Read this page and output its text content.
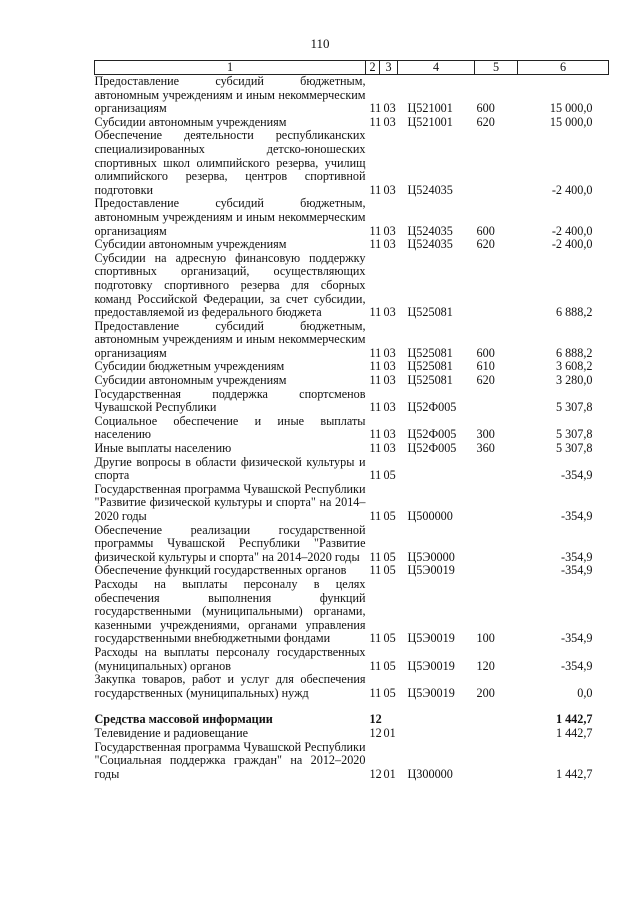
110
1	2	3	4	5	6
Предоставление субсидий бюджетным, автономным учреждениям и иным некоммерческим организациям	11	03	Ц521001	600	15 000,0
Субсидии автономным учреждениям	11	03	Ц521001	620	15 000,0
Обеспечение деятельности республиканских специализированных детско-юношеских спортивных школ олимпийского резерва, училищ олимпийского резерва, центров спортивной подготовки	11	03	Ц524035		-2 400,0
Предоставление субсидий бюджетным, автономным учреждениям и иным некоммерческим организациям	11	03	Ц524035	600	-2 400,0
Субсидии автономным учреждениям	11	03	Ц524035	620	-2 400,0
Субсидии на адресную финансовую поддержку спортивных организаций, осуществляющих подготовку спортивного резерва для сборных команд Российской Федерации, за счет субсидии, предоставляемой из федерального бюджета	11	03	Ц525081		6 888,2
Предоставление субсидий бюджетным, автономным учреждениям и иным некоммерческим организациям	11	03	Ц525081	600	6 888,2
Субсидии бюджетным учреждениям	11	03	Ц525081	610	3 608,2
Субсидии автономным учреждениям	11	03	Ц525081	620	3 280,0
Государственная поддержка спортсменов Чувашской Республики	11	03	Ц52Ф005		5 307,8
Социальное обеспечение и иные выплаты населению	11	03	Ц52Ф005	300	5 307,8
Иные выплаты населению	11	03	Ц52Ф005	360	5 307,8
Другие вопросы в области физической культуры и спорта	11	05			-354,9
Государственная программа Чувашской Республики "Развитие физической культуры и спорта" на 2014–2020 годы	11	05	Ц500000		-354,9
Обеспечение реализации государственной программы Чувашской Республики "Развитие физической культуры и спорта" на 2014–2020 годы	11	05	Ц5Э0000		-354,9
Обеспечение функций государственных органов	11	05	Ц5Э0019		-354,9
Расходы на выплаты персоналу в целях обеспечения выполнения функций государственными (муниципальными) органами, казенными учреждениями, органами управления государственными внебюджетными фондами	11	05	Ц5Э0019	100	-354,9
Расходы на выплаты персоналу государственных (муниципальных) органов	11	05	Ц5Э0019	120	-354,9
Закупка товаров, работ и услуг для обеспечения государственных (муниципальных) нужд	11	05	Ц5Э0019	200	0,0

Средства массовой информации	12				1 442,7
Телевидение и радиовещание	12	01			1 442,7
Государственная программа Чувашской Республики "Социальная поддержка граждан" на 2012–2020 годы	12	01	Ц300000		1 442,7
